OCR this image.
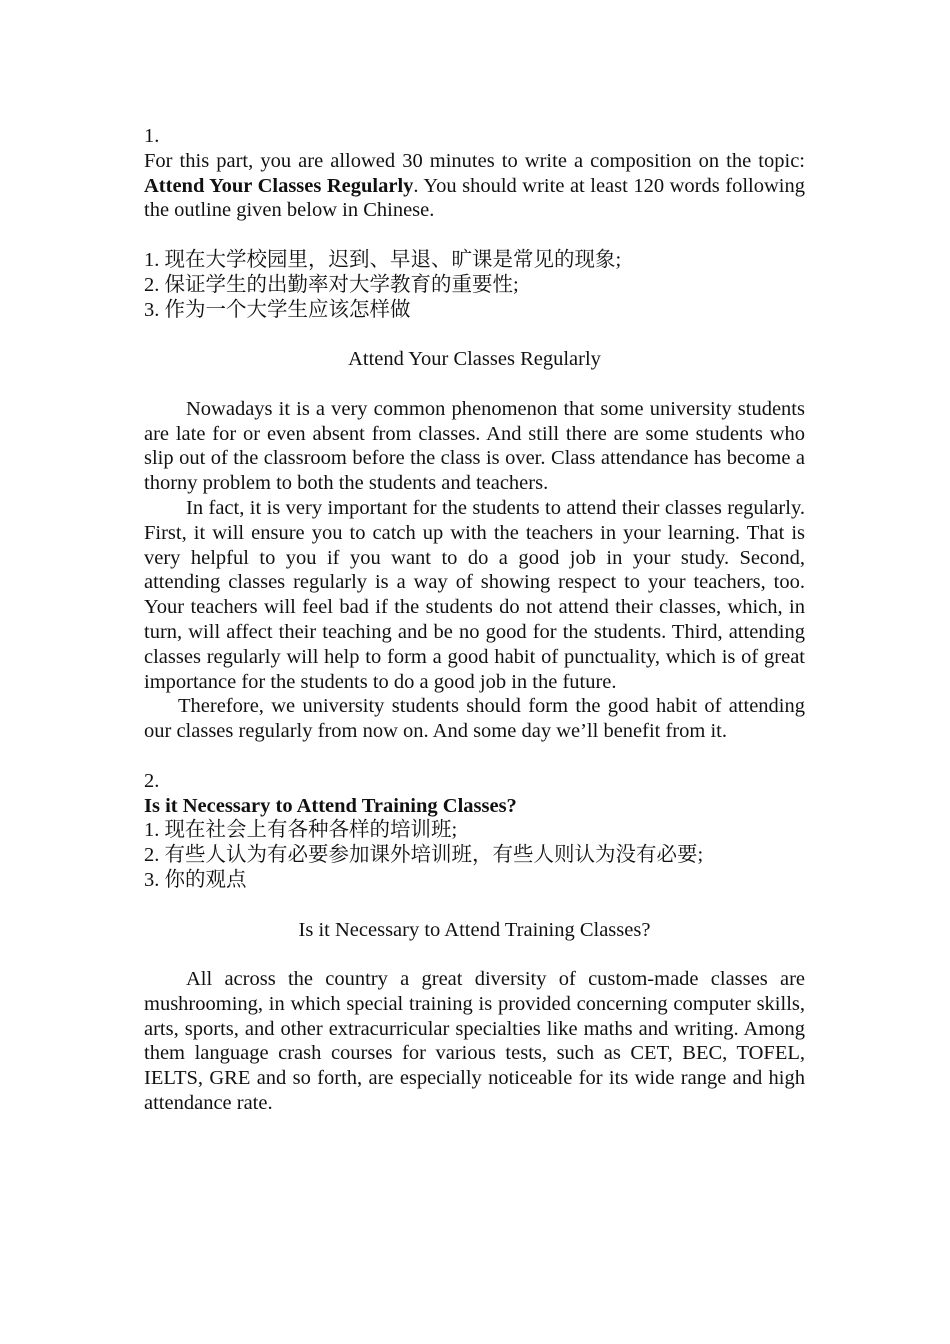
1.
For this part, you are allowed 30 minutes to write a composition on the topic: Attend Your Classes Regularly. You should write at least 120 words following the outline given below in Chinese.
1. 现在大学校园里，迟到、早退、旷课是常见的现象;
2. 保证学生的出勤率对大学教育的重要性;
3. 作为一个大学生应该怎样做
Attend Your Classes Regularly
Nowadays it is a very common phenomenon that some university students are late for or even absent from classes. And still there are some students who slip out of the classroom before the class is over. Class attendance has become a thorny problem to both the students and teachers.
In fact, it is very important for the students to attend their classes regularly. First, it will ensure you to catch up with the teachers in your learning. That is very helpful to you if you want to do a good job in your study. Second, attending classes regularly is a way of showing respect to your teachers, too. Your teachers will feel bad if the students do not attend their classes, which, in turn, will affect their teaching and be no good for the students. Third, attending classes regularly will help to form a good habit of punctuality, which is of great importance for the students to do a good job in the future.
Therefore, we university students should form the good habit of attending our classes regularly from now on. And some day we’ll benefit from it.
2.
Is it Necessary to Attend Training Classes?
1. 现在社会上有各种各样的培训班;
2. 有些人认为有必要参加课外培训班，有些人则认为没有必要;
3. 你的观点
Is it Necessary to Attend Training Classes?
All across the country a great diversity of custom-made classes are mushrooming, in which special training is provided concerning computer skills, arts, sports, and other extracurricular specialties like maths and writing. Among them language crash courses for various tests, such as CET, BEC, TOFEL, IELTS, GRE and so forth, are especially noticeable for its wide range and high attendance rate.
